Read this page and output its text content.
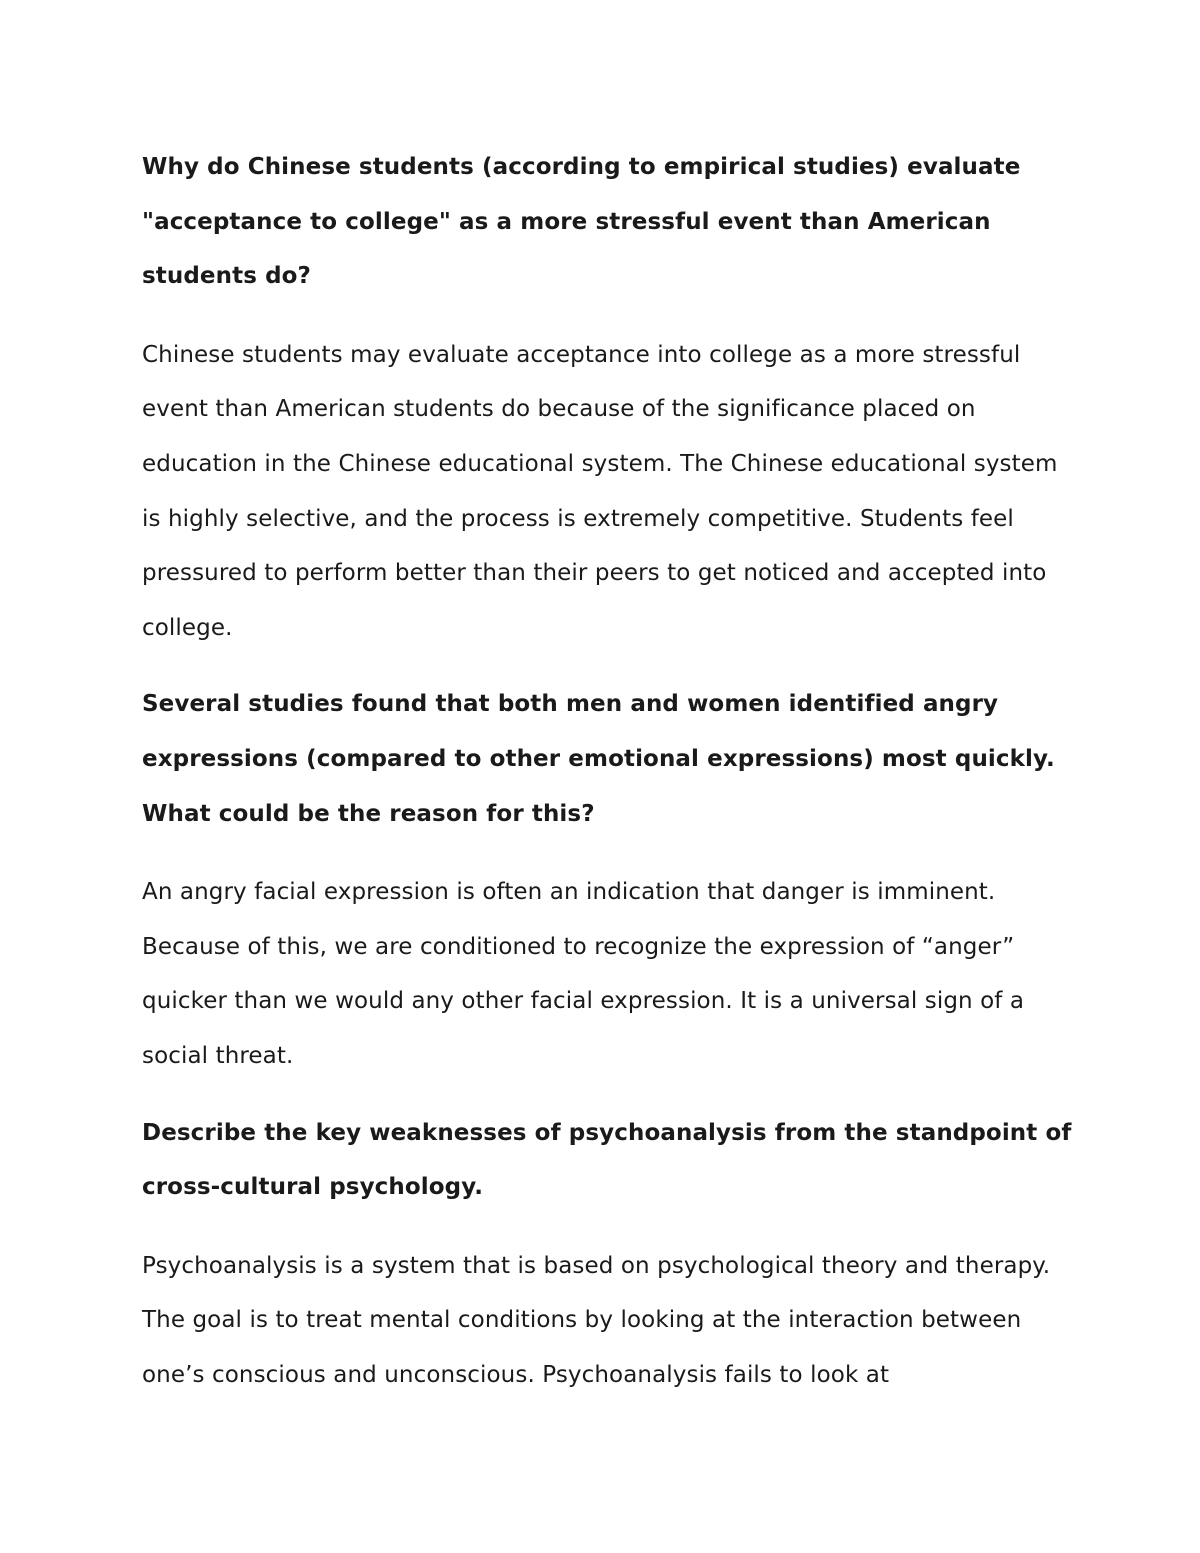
Why do Chinese students (according to empirical studies) evaluate "acceptance to college" as a more stressful event than American students do?

Chinese students may evaluate acceptance into college as a more stressful event than American students do because of the significance placed on education in the Chinese educational system. The Chinese educational system is highly selective, and the process is extremely competitive. Students feel pressured to perform better than their peers to get noticed and accepted into college.

Several studies found that both men and women identified angry expressions (compared to other emotional expressions) most quickly. What could be the reason for this?

An angry facial expression is often an indication that danger is imminent. Because of this, we are conditioned to recognize the expression of “anger” quicker than we would any other facial expression. It is a universal sign of a social threat.

Describe the key weaknesses of psychoanalysis from the standpoint of cross-cultural psychology.

Psychoanalysis is a system that is based on psychological theory and therapy. The goal is to treat mental conditions by looking at the interaction between one’s conscious and unconscious. Psychoanalysis fails to look at
